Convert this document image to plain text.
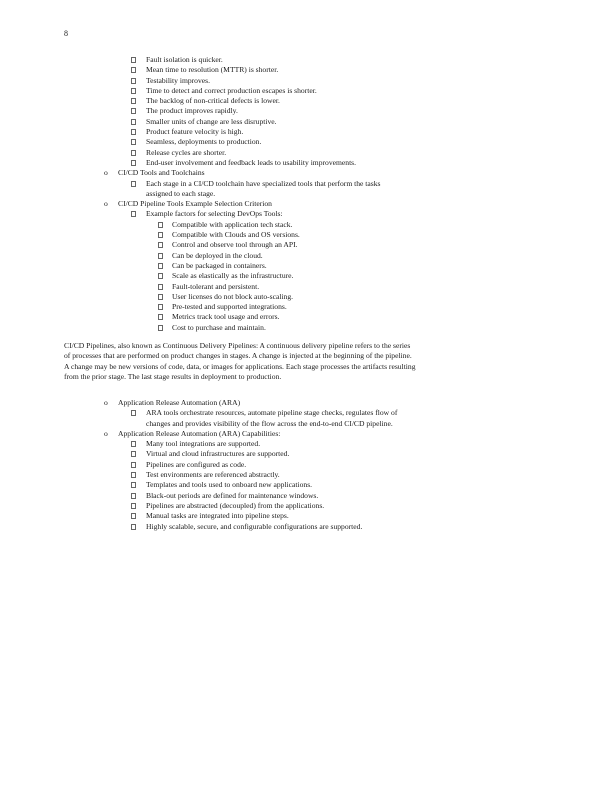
8
Fault isolation is quicker.
Mean time to resolution (MTTR) is shorter.
Testability improves.
Time to detect and correct production escapes is shorter.
The backlog of non-critical defects is lower.
The product improves rapidly.
Smaller units of change are less disruptive.
Product feature velocity is high.
Seamless, deployments to production.
Release cycles are shorter.
End-user involvement and feedback leads to usability improvements.
o CI/CD Tools and Toolchains
Each stage in a CI/CD toolchain have specialized tools that perform the tasks assigned to each stage.
o CI/CD Pipeline Tools Example Selection Criterion
Example factors for selecting DevOps Tools:
Compatible with application tech stack.
Compatible with Clouds and OS versions.
Control and observe tool through an API.
Can be deployed in the cloud.
Can be packaged in containers.
Scale as elastically as the infrastructure.
Fault-tolerant and persistent.
User licenses do not block auto-scaling.
Pre-tested and supported integrations.
Metrics track tool usage and errors.
Cost to purchase and maintain.
CI/CD Pipelines, also known as Continuous Delivery Pipelines: A continuous delivery pipeline refers to the series of processes that are performed on product changes in stages. A change is injected at the beginning of the pipeline. A change may be new versions of code, data, or images for applications. Each stage processes the artifacts resulting from the prior stage. The last stage results in deployment to production.
o Application Release Automation (ARA)
ARA tools orchestrate resources, automate pipeline stage checks, regulates flow of changes and provides visibility of the flow across the end-to-end CI/CD pipeline.
o Application Release Automation (ARA) Capabilities:
Many tool integrations are supported.
Virtual and cloud infrastructures are supported.
Pipelines are configured as code.
Test environments are referenced abstractly.
Templates and tools used to onboard new applications.
Black-out periods are defined for maintenance windows.
Pipelines are abstracted (decoupled) from the applications.
Manual tasks are integrated into pipeline steps.
Highly scalable, secure, and configurable configurations are supported.
